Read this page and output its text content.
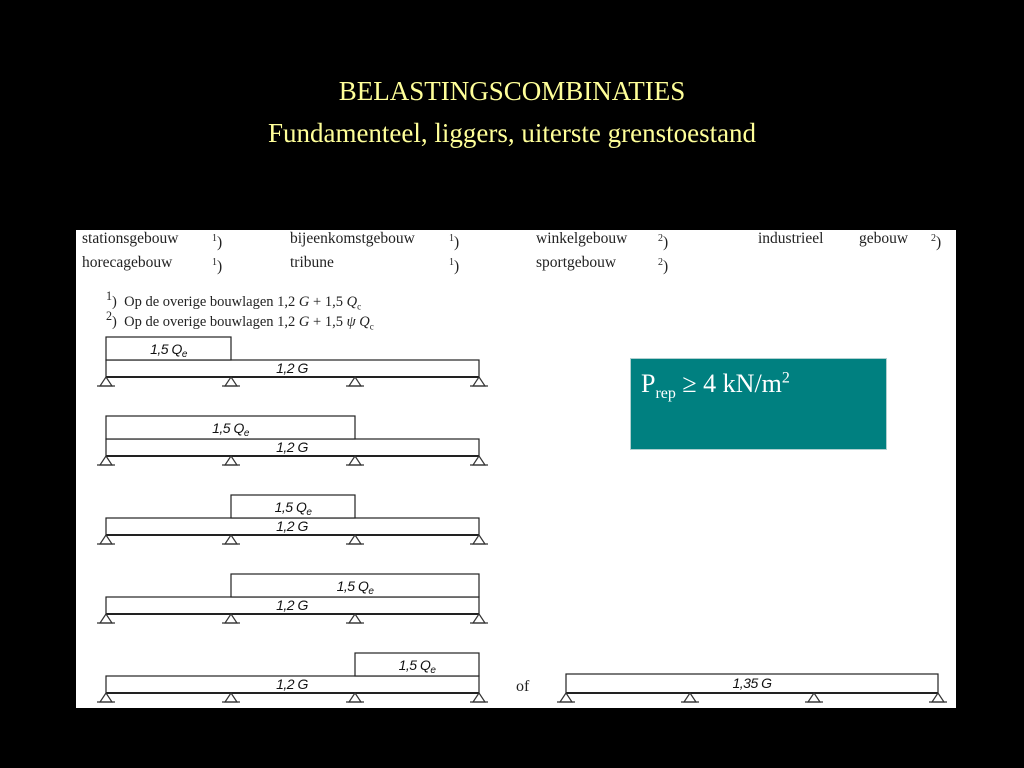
BELASTINGSCOMBINATIES
Fundamenteel, liggers, uiterste grenstoestand
stationsgebouw	$^1$)	bijeenkomstgebouw	$^1$)	winkelgebouw	$^2$)	industrieel gebouw $^2$)
horecagebouw	$^1$)	tribune	$^1$)	sportgebouw	$^2$)
$^1$)  Op de overige bouwlagen 1,2 G + 1,5 $Q_c$
$^2$)  Op de overige bouwlagen 1,2 G + 1,5 ψ $Q_c$
1,5 $Q_e$
1,2 G
1,5 $Q_e$
1,2 G
1,5 $Q_e$
1,2 G
1,5 $Q_e$
1,2 G
1,5 $Q_e$
1,2 G	1,35 G
of
$P_{rep} \ge 4$ $kN/m^2$
